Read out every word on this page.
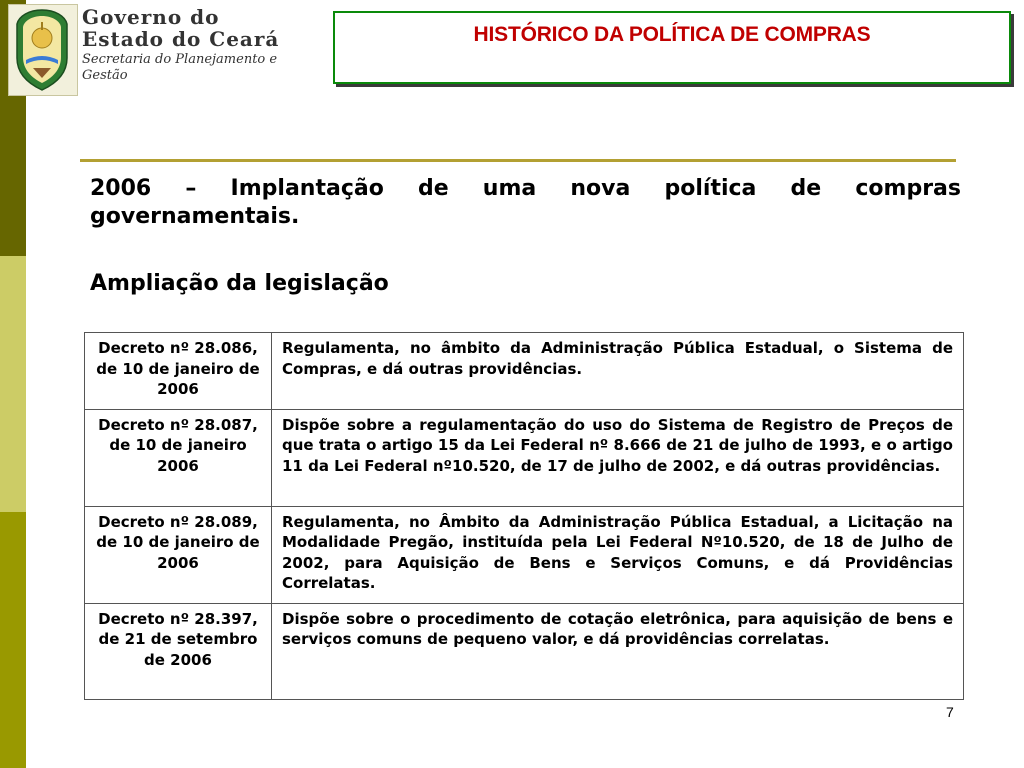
Governo do
Estado do Ceará
Secretaria do Planejamento e Gestão
HISTÓRICO DA POLÍTICA DE COMPRAS
2006 – Implantação de uma nova política de compras governamentais.
Ampliação da legislação
Decreto nº 28.086, de 10 de janeiro de 2006	Regulamenta, no âmbito da Administração Pública Estadual, o Sistema de Compras, e dá outras providências.
Decreto nº 28.087, de 10 de janeiro 2006	Dispõe sobre a regulamentação do uso do Sistema de Registro de Preços de que trata o artigo 15 da Lei Federal nº 8.666 de 21 de julho de 1993, e o artigo 11 da Lei Federal nº10.520, de 17 de julho de 2002, e dá outras providências.
Decreto nº 28.089, de 10 de janeiro de 2006	Regulamenta, no Âmbito da Administração Pública Estadual, a Licitação na Modalidade Pregão, instituída pela Lei Federal Nº10.520, de 18 de Julho de 2002, para Aquisição de Bens e Serviços Comuns, e dá Providências Correlatas.
Decreto nº 28.397, de 21 de setembro de 2006	Dispõe sobre o procedimento de cotação eletrônica, para aquisição de bens e serviços comuns de pequeno valor, e dá providências correlatas.
7
